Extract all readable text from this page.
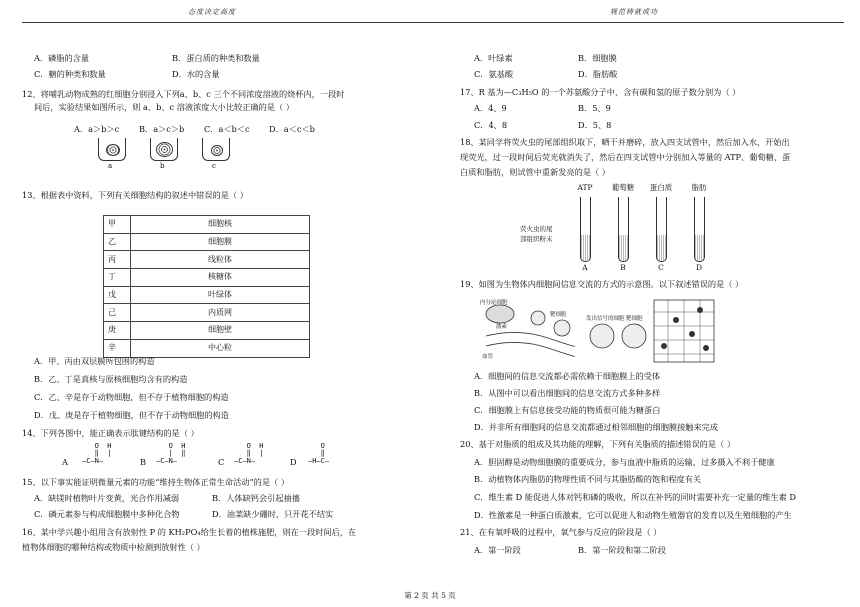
态度决定高度	规范铸就成功
A．磷脂的含量	B．蛋白质的种类和数量
C．糖的种类和数量	D．水的含量
12、将哺乳动物成熟的红细胞分别浸入下列a、b、c 三个不同浓度溶液的烧杯内，一段时
间后，实验结果如图所示，则 a、b、c 溶液浓度大小比较正确的是（ ）
A．a＞b＞c B．a＞c＞b C．a＜b＜c D．a＜c＜b
a	b	c
13、根据表中资料，下列有关细胞结构的叙述中错误的是（ ）
甲	细胞核
乙	细胞膜
丙	线粒体
丁	核糖体
戊	叶绿体
己	内质网
庚	细胞壁
辛	中心粒
A．甲、丙由双层膜所包围的构造
B．乙、丁是真核与原核细胞均含有的构造
C．乙、辛是存于动物细胞，但不存于植物细胞的构造
D．戊、庚是存于植物细胞，但不存于动物细胞的构造
14、下列各图中，能正确表示肽键结构的是（ ）
A
O  H
‖  |
—C—N—	B
O  H
|  ‖
—C—N—	C
O  H
‖  |
—C—N—	D
O
‖
—H—C—
15、以下事实能证明微量元素的功能“维持生物体正常生命活动”的是（ ）
A．缺镁时植物叶片变黄，光合作用减弱	B．人体缺钙会引起抽搐
C．磷元素参与构成细胞膜中多种化合物	D．油菜缺少硼时，只开花不结实
16、某中学兴趣小组用含有放射性 P 的 KH₂PO₄给生长着的植株施肥，则在一段时间后，在
植物体细胞的哪种结构或物质中检测到放射性（ ）
A．叶绿素	B．细胞膜
C．氨基酸	D．脂肪酸
17、R 基为—C₃H₅O 的一个苏氨酸分子中，含有碳和氢的原子数分别为（ ）
A．4、9	B．5、9
C．4、8	D．5、8
18、某同学将荧火虫的尾部组织取下，晒干并磨碎，放入四支试管中，然后加入水，开始出
现荧光，过一段时间后荧光就消失了，然后在四支试管中分别加入等量的 ATP、葡萄糖、蛋
白质和脂肪，则试管中重新发亮的是（ ）
ATP	葡萄糖	蛋白质	脂肪
荧火虫的尾
部组织粉末
A	B	C	D
19、如图为生物体内细胞间信息交流的方式的示意图。以下叙述错误的是（ ）
内分泌细胞
激素
血管
靶细胞
发出信号的细胞 靶细胞
A．细胞间的信息交流都必需依赖于细胞膜上的受体
B．从图中可以看出细胞间的信息交流方式多种多样
C．细胞膜上有信息接受功能的物质很可能为糖蛋白
D．并非所有细胞间的信息交流都通过相邻细胞的细胞膜接触来完成
20、基于对脂质的组成及其功能的理解，下列有关脂质的描述错误的是（ ）
A．胆固醇是动物细胞膜的重要成分，参与血液中脂质的运输，过多摄入不利于健康
B．动植物体内脂肪的物理性质不同与其脂肪酸的饱和程度有关
C．维生素 D 能促进人体对钙和磷的吸收，所以在补钙的同时需要补充一定量的维生素 D
D．性激素是一种蛋白质激素，它可以促进人和动物生殖器官的发育以及生殖细胞的产生
21、在有氧呼吸的过程中，氧气参与反应的阶段是（ ）
A．第一阶段	B．第一阶段和第二阶段
第 2 页 共 5 页
